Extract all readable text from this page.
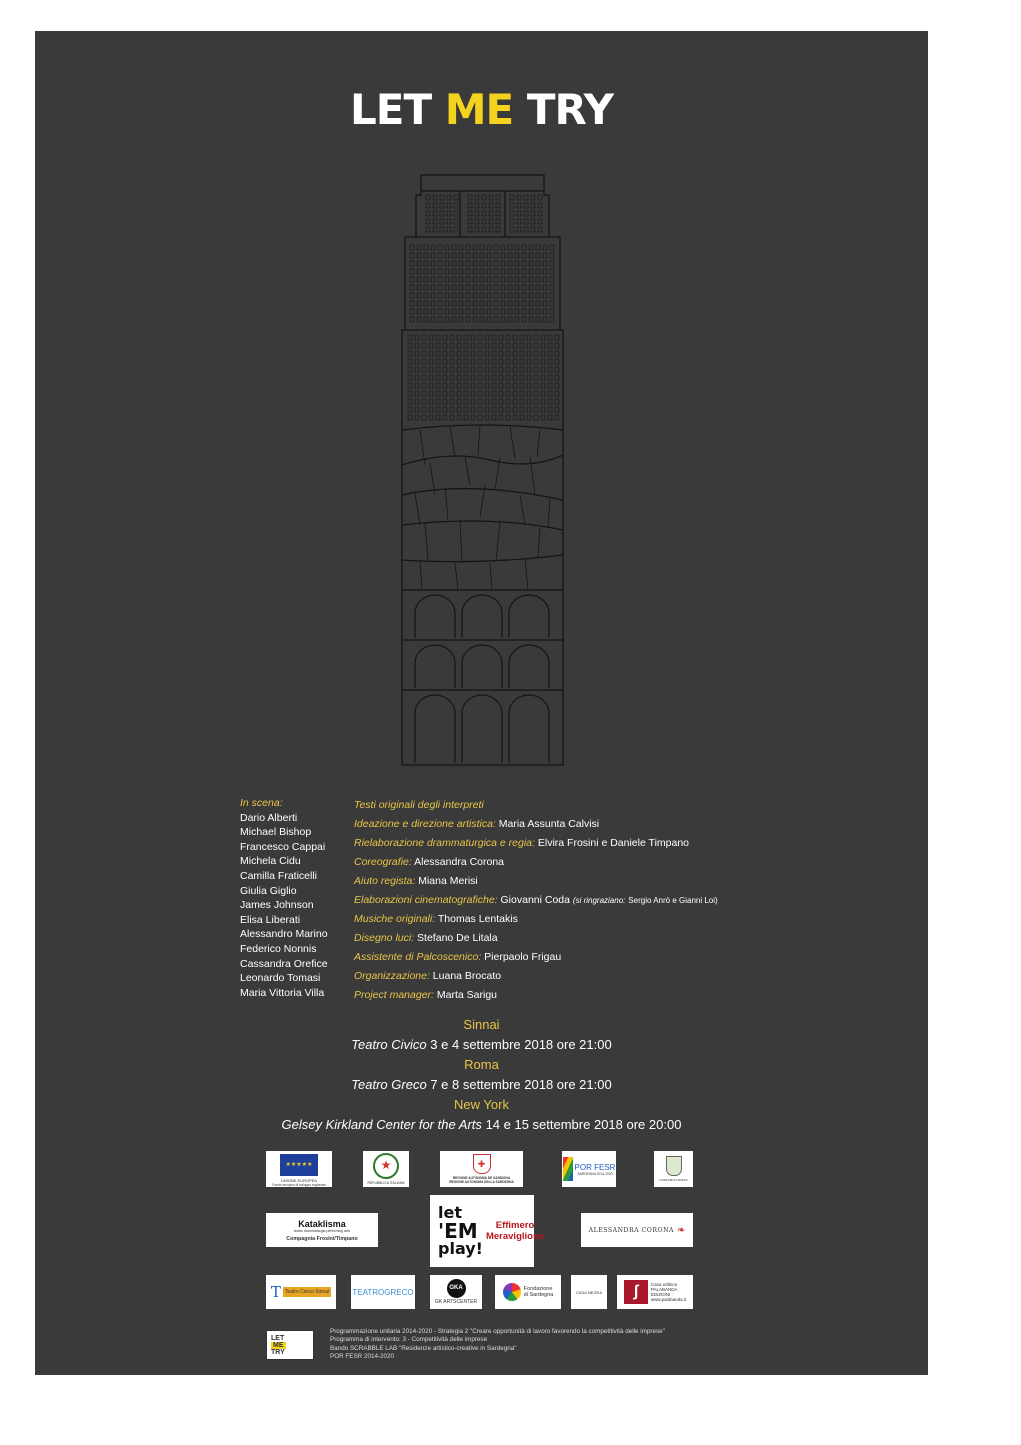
LET ME TRY
In scena:
Dario Alberti
Michael Bishop
Francesco Cappai
Michela Cidu
Camilla Fraticelli
Giulia Giglio
James Johnson
Elisa Liberati
Alessandro Marino
Federico Nonnis
Cassandra Orefice
Leonardo Tomasi
Maria Vittoria Villa
Testi originali degli interpreti
Ideazione e direzione artistica: Maria Assunta Calvisi
Rielaborazione drammaturgica e regia: Elvira Frosini e Daniele Timpano
Coreografie: Alessandra Corona
Aiuto regista: Miana Merisi
Elaborazioni cinematografiche: Giovanni Coda (si ringraziano: Sergio Anrò e Gianni Loi)
Musiche originali: Thomas Lentakis
Disegno luci: Stefano De Litala
Assistente di Palcoscenico: Pierpaolo Frigau
Organizzazione: Luana Brocato
Project manager: Marta Sarigu
Sinnai
Teatro Civico 3 e 4 settembre 2018 ore 21:00
Roma
Teatro Greco 7 e 8 settembre 2018 ore 21:00
New York
Gelsey Kirkland Center for the Arts 14 e 15 settembre 2018 ore 20:00
★★★★★
UNIONE EUROPEA
Fondo europeo di sviluppo regionale
★
REPUBBLICA ITALIANA
✚
REGIONE AUTÒNOMA DE SARDIGNA
REGIONE AUTONOMA DELLA SARDEGNA
POR FESR
SARDEGNA 2014-2020
COMUNE DI SINNAI
Kataklisma
teatro drammaturgia performing arts
Compagnia Frosini/Timpano
let
'EM
play!
Effimero
Meraviglioso
ALESSANDRA CORONA ❧
T Teatro Civico Sinnai	TEATROGRECO	GKA
GK ARTSCENTER
Fondazione
di Sardegna	CASA NEGRA	ʃ	Casa editrice
PALABANDA
EDIZIONI
www.palabanda.it
LET
ME
TRY
Programmazione unitaria 2014-2020 - Strategia 2 "Creare opportunità di lavoro favorendo la competitività delle imprese"
Programma di intervento: 3 - Competitività delle imprese
Bando SCRABBLE LAB "Residenze artistico-creative in Sardegna"
POR FESR 2014-2020
